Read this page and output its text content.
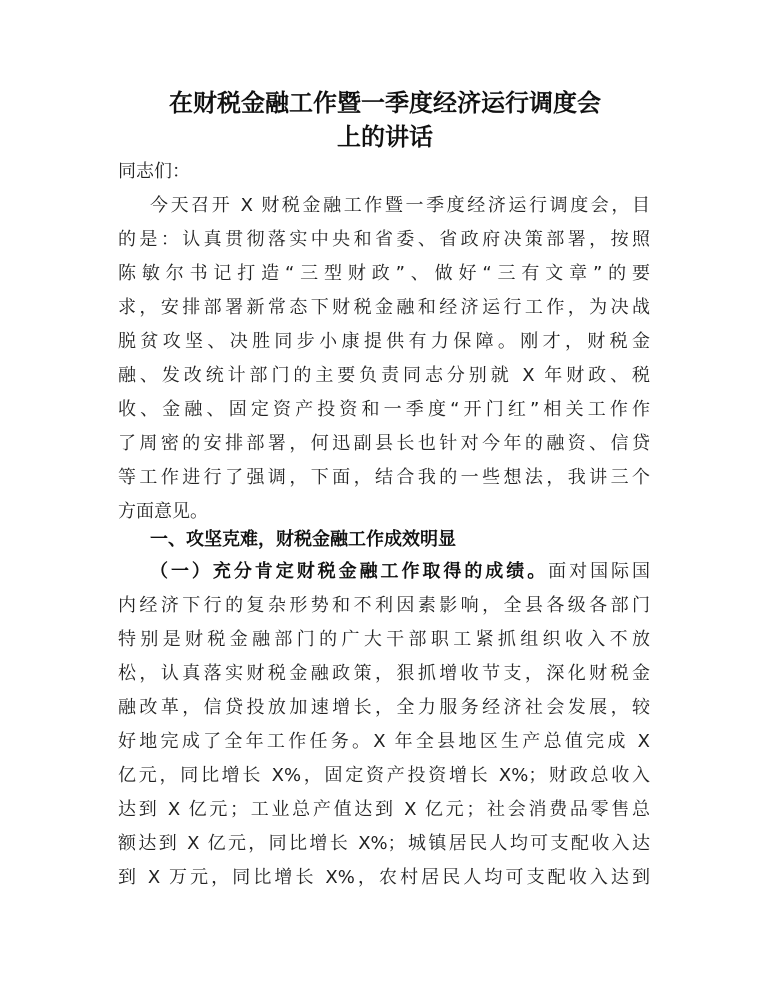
在财税金融工作暨一季度经济运行调度会
上的讲话
同志们：
今天召开 X 财税金融工作暨一季度经济运行调度会，目
的是：认真贯彻落实中央和省委、省政府决策部署，按照
陈敏尔书记打造“三型财政”、做好“三有文章”的要
求，安排部署新常态下财税金融和经济运行工作，为决战
脱贫攻坚、决胜同步小康提供有力保障。刚才，财税金
融、发改统计部门的主要负责同志分别就 X 年财政、税
收、金融、固定资产投资和一季度“开门红”相关工作作
了周密的安排部署，何迅副县长也针对今年的融资、信贷
等工作进行了强调，下面，结合我的一些想法，我讲三个
方面意见。
一、攻坚克难，财税金融工作成效明显
（一）充分肯定财税金融工作取得的成绩。面对国际国
内经济下行的复杂形势和不利因素影响，全县各级各部门
特别是财税金融部门的广大干部职工紧抓组织收入不放
松，认真落实财税金融政策，狠抓增收节支，深化财税金
融改革，信贷投放加速增长，全力服务经济社会发展，较
好地完成了全年工作任务。X 年全县地区生产总值完成 X
亿元，同比增长 X%，固定资产投资增长 X%；财政总收入
达到 X 亿元；工业总产值达到 X 亿元；社会消费品零售总
额达到 X 亿元，同比增长 X%；城镇居民人均可支配收入达
到 X 万元，同比增长 X%，农村居民人均可支配收入达到
